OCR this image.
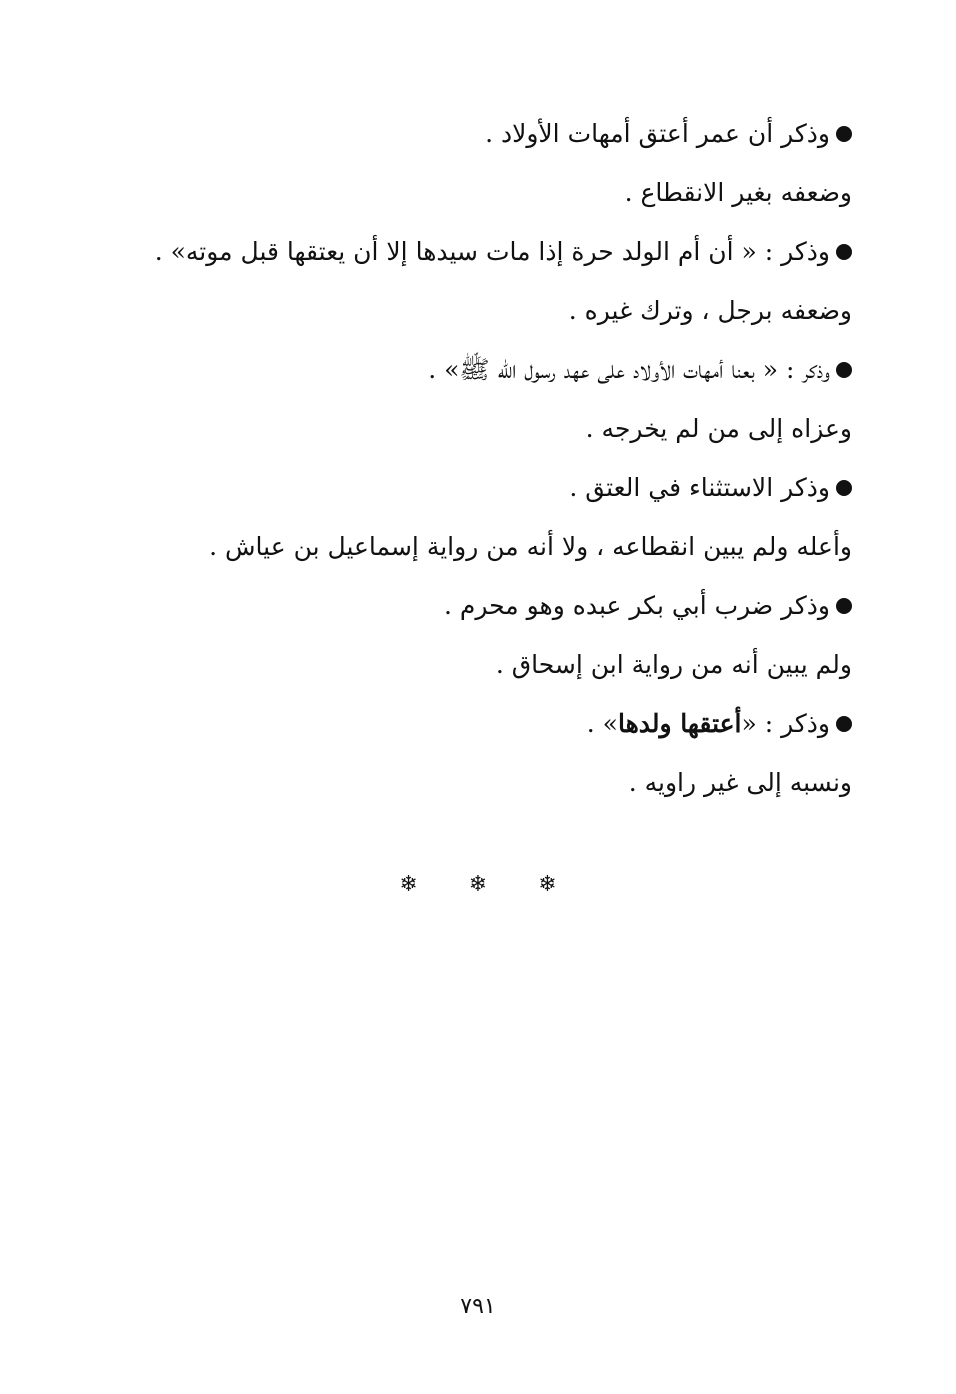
وذكر أن عمر أعتق أمهات الأولاد .
وضعفه بغير الانقطاع .
وذكر : « أن أم الولد حرة إذا مات سيدها إلا أن يعتقها قبل موته» .
وضعفه برجل ، وترك غيره .
وذكر : « بعنا أمهات الأولاد على عهد رسول الله ﷺ» .
وعزاه إلى من لم يخرجه .
وذكر الاستثناء في العتق .
وأعله ولم يبين انقطاعه ، ولا أنه من رواية إسماعيل بن عياش .
وذكر ضرب أبي بكر عبده وهو محرم .
ولم يبين أنه من رواية ابن إسحاق .
وذكر : «
أعتقها ولدها
» .
ونسبه إلى غير راويه .
❄ ❄ ❄
٧٩١
